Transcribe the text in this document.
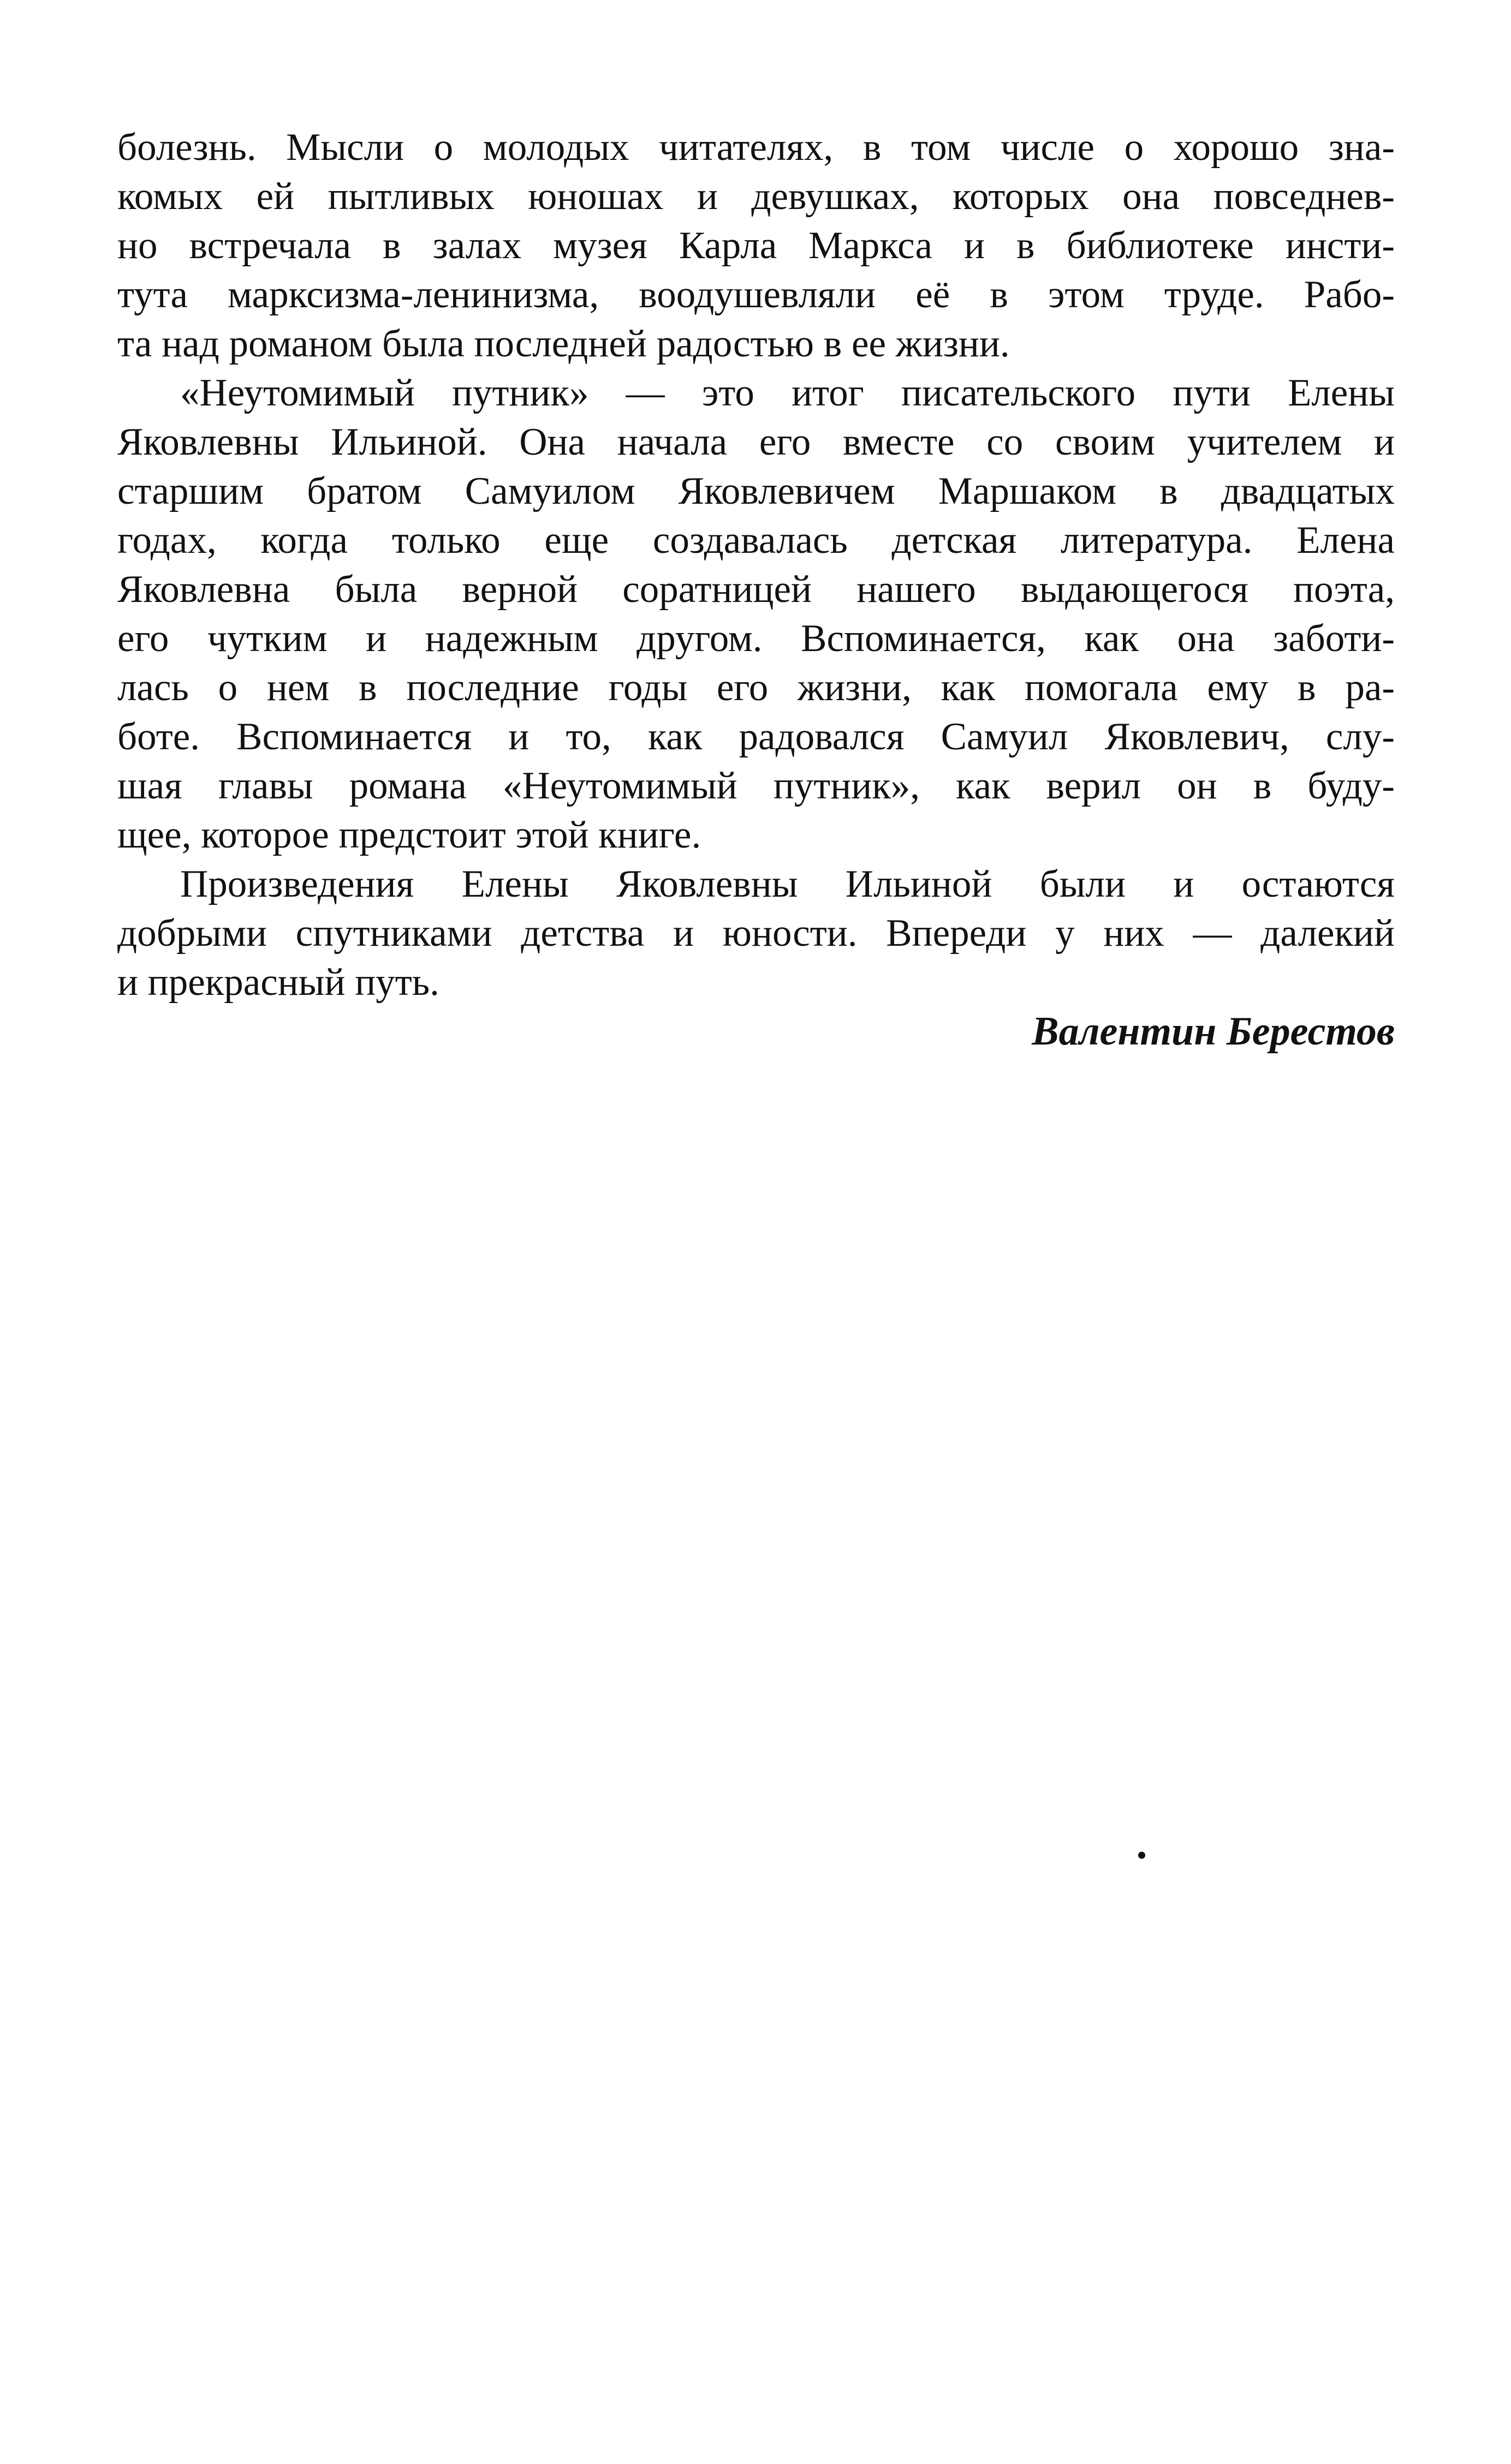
болезнь. Мысли о молодых читателях, в том числе о хорошо зна-
комых ей пытливых юношах и девушках, которых она повседнев-
но встречала в залах музея Карла Маркса и в библиотеке инсти-
тута марксизма-ленинизма, воодушевляли её в этом труде. Рабо-
та над романом была последней радостью в ее жизни.
«Неутомимый путник» — это итог писательского пути Елены
Яковлевны Ильиной. Она начала его вместе со своим учителем и
старшим братом Самуилом Яковлевичем Маршаком в двадцатых
годах, когда только еще создавалась детская литература. Елена
Яковлевна была верной соратницей нашего выдающегося поэта,
его чутким и надежным другом. Вспоминается, как она заботи-
лась о нем в последние годы его жизни, как помогала ему в ра-
боте. Вспоминается и то, как радовался Самуил Яковлевич, слу-
шая главы романа «Неутомимый путник», как верил он в буду-
щее, которое предстоит этой книге.
Произведения Елены Яковлевны Ильиной были и остаются
добрыми спутниками детства и юности. Впереди у них — далекий
и прекрасный путь.
Валентин Берестов
